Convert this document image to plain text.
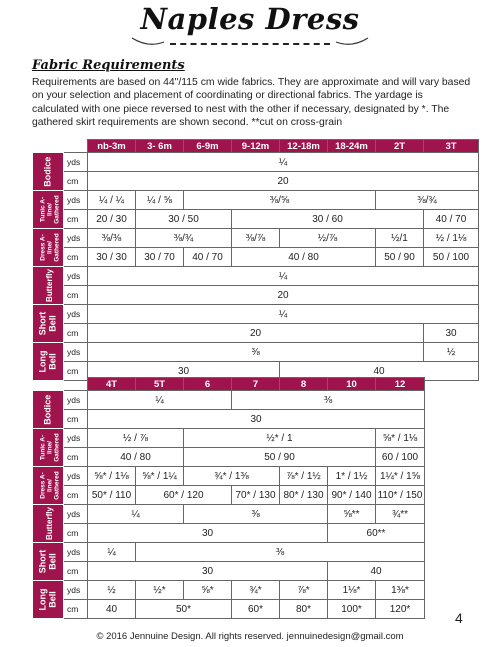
Naples Dress
Fabric Requirements
Requirements are based on 44"/115 cm wide fabrics. They are approximate and will vary based on your selection and placement of coordinating or directional fabrics. The yardage is calculated with one piece reversed to nest with the other if necessary, designated by *. The gathered skirt requirements are shown second. **cut on cross-grain
		nb-3m	3- 6m	6-9m	9-12m	12-18m	18-24m	2T	3T
Bodice	yds	¼							
	cm	20							
Tunic A-line/ Gathered	yds	¼ / ¼	¼ / ⅝	⅜/⅝				⅜/¾	
	cm	20 / 30	30 / 50		30 / 60				40 / 70
Dress A-line/ Gathered	yds	⅜/⅜	⅜/¾		⅜/⅞	½/⅞		½/1	½ / 1⅛
	cm	30 / 30	30 / 70	40 / 70	40 / 80			50 / 90	50 / 100
Butterfly	yds	¼							
	cm	20							
Short Bell	yds	¼							
	cm	20							30
Long Bell	yds	⅜							½
	cm	30				40			
		4T	5T	6	7	8	10	12
Bodice	yds	¼			⅜			
	cm	30						
Tunic A-line/ Gathered	yds	½ / ⅞		½* / 1				⅝* / 1⅛
	cm	40 / 80		50 / 90				60 / 100
Dress A-line/ Gathered	yds	⅝* / 1⅛	⅝* / 1¼	¾* / 1⅜		⅞* / 1½	1* / 1½	1¼* / 1⅝
	cm	50* / 110	60* / 120		70* / 130	80* / 130	90* / 140	110* / 150
Butterfly	yds	¼		⅜			⅝**	¾**
	cm	30					60**	
Short Bell	yds	¼	⅜					
	cm	30					40	
Long Bell	yds	½	½*	⅝*	¾*	⅞*	1⅛*	1⅜*
	cm	40	50*		60*	80*	100*	120*
4
© 2016 Jennuine Design. All rights reserved. jennuinedesign@gmail.com
